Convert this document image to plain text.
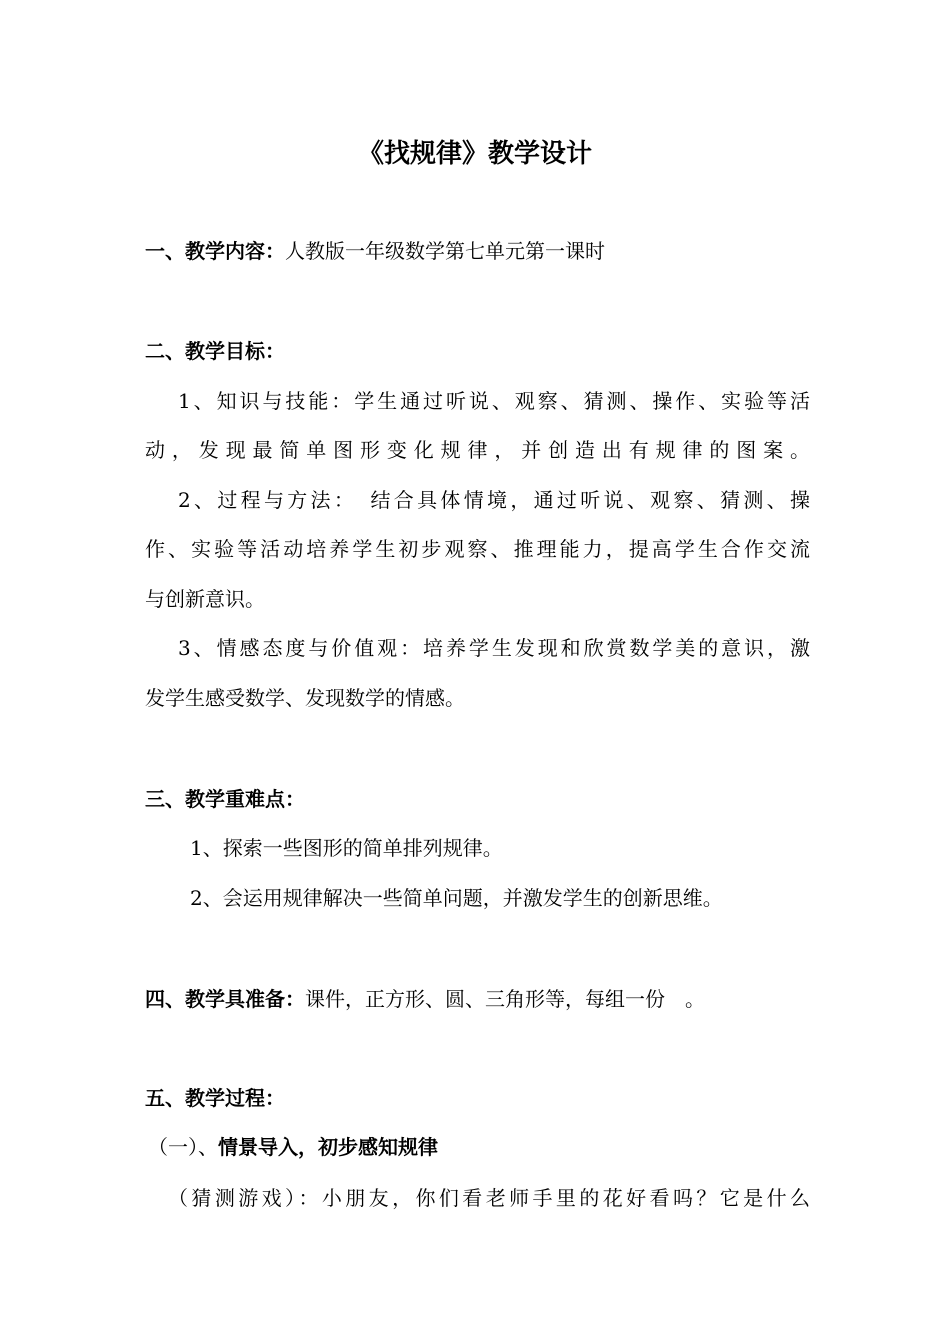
《找规律》教学设计
一、教学内容：人教版一年级数学第七单元第一课时
二、教学目标：
1、知识与技能：学生通过听说、观察、猜测、操作、实验等活
动，发现最简单图形变化规律，并创造出有规律的图案。
2、过程与方法：　结合具体情境，通过听说、观察、猜测、操
作、实验等活动培养学生初步观察、推理能力，提高学生合作交流
与创新意识。
3、情感态度与价值观：培养学生发现和欣赏数学美的意识，激
发学生感受数学、发现数学的情感。
三、教学重难点：
1、探索一些图形的简单排列规律。
2、会运用规律解决一些简单问题，并激发学生的创新思维。
四、教学具准备：课件，正方形、圆、三角形等，每组一份　。
五、教学过程：
（一）、情景导入，初步感知规律
（猜测游戏）：小朋友，你们看老师手里的花好看吗？它是什么
